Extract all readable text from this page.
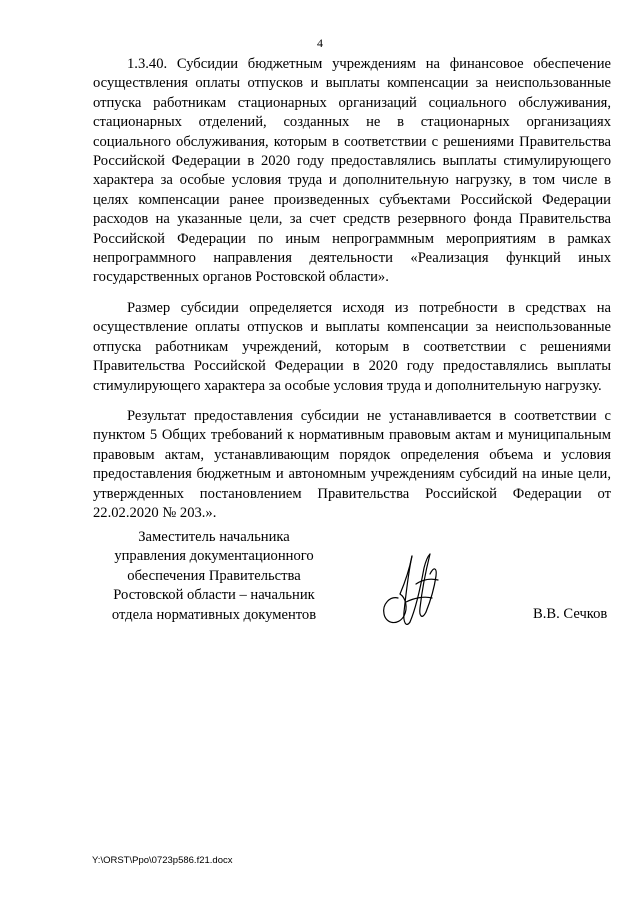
4

1.3.40. Субсидии бюджетным учреждениям на финансовое обеспечение осуществления оплаты отпусков и выплаты компенсации за неиспользованные отпуска работникам стационарных организаций социального обслуживания, стационарных отделений, созданных не в стационарных организациях социального обслуживания, которым в соответствии с решениями Правительства Российской Федерации в 2020 году предоставлялись выплаты стимулирующего характера за особые условия труда и дополнительную нагрузку, в том числе в целях компенсации ранее произведенных субъектами Российской Федерации расходов на указанные цели, за счет средств резервного фонда Правительства Российской Федерации по иным непрограммным мероприятиям в рамках непрограммного направления деятельности «Реализация функций иных государственных органов Ростовской области».

Размер субсидии определяется исходя из потребности в средствах на осуществление оплаты отпусков и выплаты компенсации за неиспользованные отпуска работникам учреждений, которым в соответствии с решениями Правительства Российской Федерации в 2020 году предоставлялись выплаты стимулирующего характера за особые условия труда и дополнительную нагрузку.

Результат предоставления субсидии не устанавливается в соответствии с пунктом 5 Общих требований к нормативным правовым актам и муниципальным правовым актам, устанавливающим порядок определения объема и условия предоставления бюджетным и автономным учреждениям субсидий на иные цели, утвержденных постановлением Правительства Российской Федерации от 22.02.2020 № 203.».

Заместитель начальника
управления документационного
обеспечения Правительства
Ростовской области – начальник
отдела нормативных документов	В.В. Сечков
Y:\ORST\Ppo\0723p586.f21.docx
